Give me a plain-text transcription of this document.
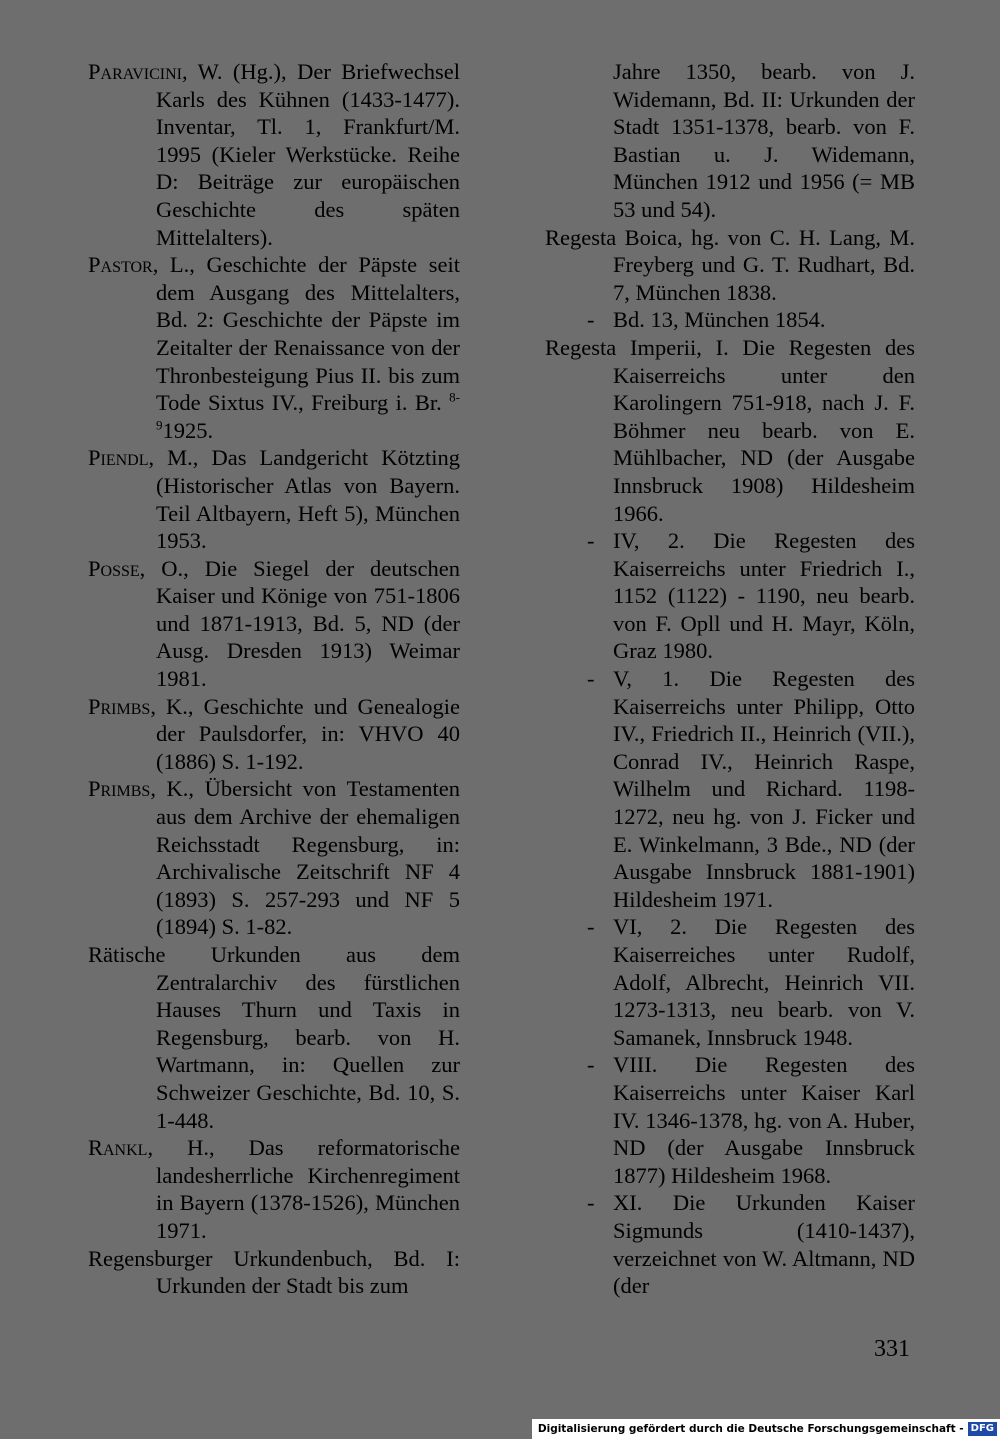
Paravicini, W. (Hg.), Der Briefwechsel Karls des Kühnen (1433-1477). Inventar, Tl. 1, Frankfurt/M. 1995 (Kieler Werkstücke. Reihe D: Beiträge zur europäischen Geschichte des späten Mittelalters).

Pastor, L., Geschichte der Päpste seit dem Ausgang des Mittelalters, Bd. 2: Geschichte der Päpste im Zeitalter der Renaissance von der Thronbesteigung Pius II. bis zum Tode Sixtus IV., Freiburg i. Br. $^{8-9}$1925.

Piendl, M., Das Landgericht Kötzting (Historischer Atlas von Bayern. Teil Altbayern, Heft 5), München 1953.

Posse, O., Die Siegel der deutschen Kaiser und Könige von 751-1806 und 1871-1913, Bd. 5, ND (der Ausg. Dresden 1913) Weimar 1981.

Primbs, K., Geschichte und Genealogie der Paulsdorfer, in: VHVO 40 (1886) S. 1-192.

Primbs, K., Übersicht von Testamenten aus dem Archive der ehemaligen Reichsstadt Regensburg, in: Archivalische Zeitschrift NF 4 (1893) S. 257-293 und NF 5 (1894) S. 1-82.

Rätische Urkunden aus dem Zentralarchiv des fürstlichen Hauses Thurn und Taxis in Regensburg, bearb. von H. Wartmann, in: Quellen zur Schweizer Geschichte, Bd. 10, S. 1-448.

Rankl, H., Das reformatorische landesherrliche Kirchenregiment in Bayern (1378-1526), München 1971.

Regensburger Urkundenbuch, Bd. I: Urkunden der Stadt bis zum

Jahre 1350, bearb. von J. Widemann, Bd. II: Urkunden der Stadt 1351-1378, bearb. von F. Bastian u. J. Widemann, München 1912 und 1956 (= MB 53 und 54).

Regesta Boica, hg. von C. H. Lang, M. Freyberg und G. T. Rudhart, Bd. 7, München 1838.

- Bd. 13, München 1854.

Regesta Imperii, I. Die Regesten des Kaiserreichs unter den Karolingern 751-918, nach J. F. Böhmer neu bearb. von E. Mühlbacher, ND (der Ausgabe Innsbruck 1908) Hildesheim 1966.

- IV, 2. Die Regesten des Kaiserreichs unter Friedrich I., 1152 (1122) - 1190, neu bearb. von F. Opll und H. Mayr, Köln, Graz 1980.

- V, 1. Die Regesten des Kaiserreichs unter Philipp, Otto IV., Friedrich II., Heinrich (VII.), Conrad IV., Heinrich Raspe, Wilhelm und Richard. 1198-1272, neu hg. von J. Ficker und E. Winkelmann, 3 Bde., ND (der Ausgabe Innsbruck 1881-1901) Hildesheim 1971.

- VI, 2. Die Regesten des Kaiserreiches unter Rudolf, Adolf, Albrecht, Heinrich VII. 1273-1313, neu bearb. von V. Samanek, Innsbruck 1948.

- VIII. Die Regesten des Kaiserreichs unter Kaiser Karl IV. 1346-1378, hg. von A. Huber, ND (der Ausgabe Innsbruck 1877) Hildesheim 1968.

- XI. Die Urkunden Kaiser Sigmunds (1410-1437), verzeichnet von W. Altmann, ND (der

331
Digitalisierung gefördert durch die Deutsche Forschungsgemeinschaft - DFG
